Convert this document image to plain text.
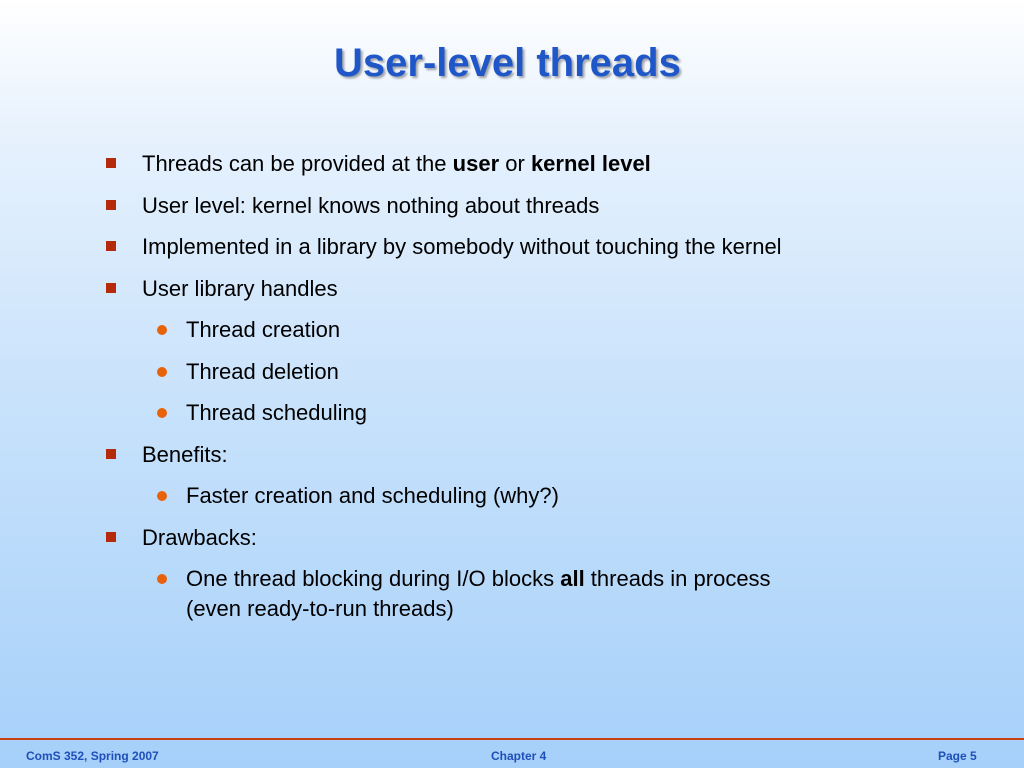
User-level threads
Threads can be provided at the user or kernel level
User level: kernel knows nothing about threads
Implemented in a library by somebody without touching the kernel
User library handles
Thread creation
Thread deletion
Thread scheduling
Benefits:
Faster creation and scheduling (why?)
Drawbacks:
One thread blocking during I/O blocks all threads in process
(even ready-to-run threads)
ComS 352, Spring 2007	Chapter 4	Page 5
